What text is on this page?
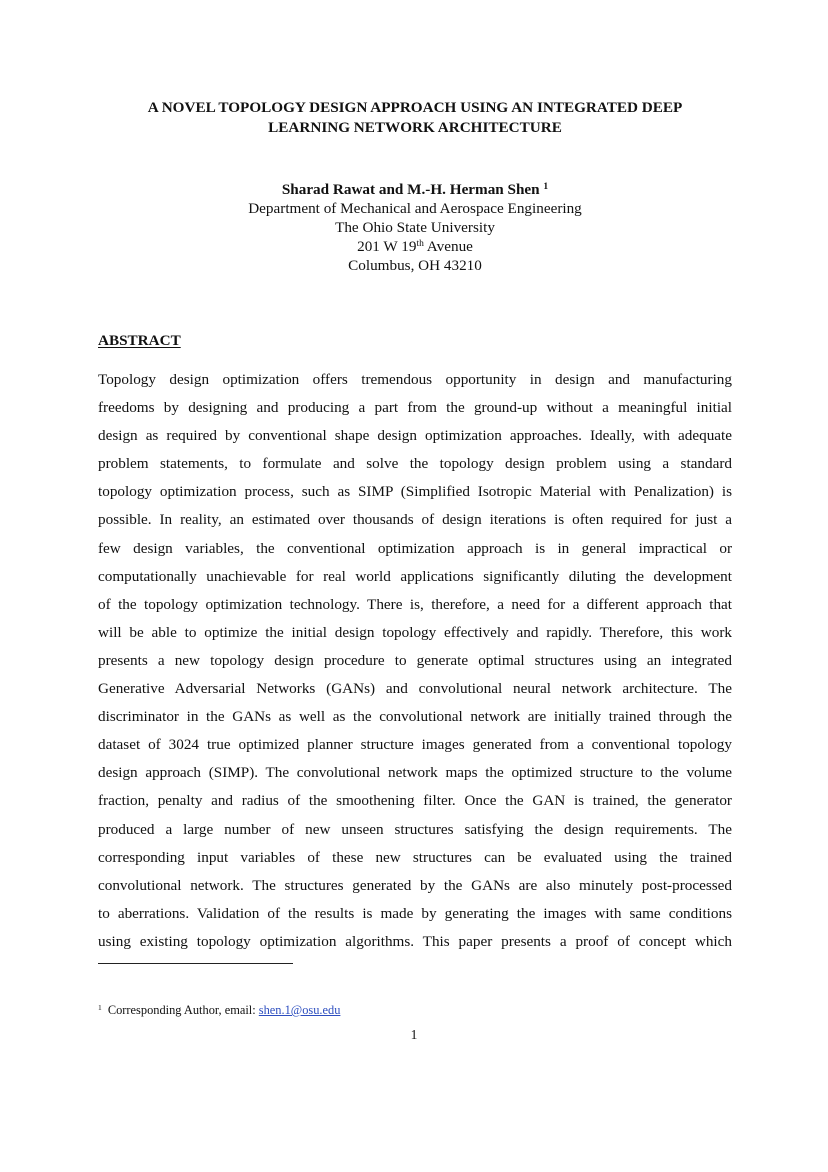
A NOVEL TOPOLOGY DESIGN APPROACH USING AN INTEGRATED DEEP
LEARNING NETWORK ARCHITECTURE
Sharad Rawat and M.-H. Herman Shen $^1$
Department of Mechanical and Aerospace Engineering
The Ohio State University
201 W 19th Avenue
Columbus, OH 43210
ABSTRACT
Topology design optimization offers tremendous opportunity in design and manufacturing
freedoms by designing and producing a part from the ground-up without a meaningful initial
design as required by conventional shape design optimization approaches. Ideally, with adequate
problem statements, to formulate and solve the topology design problem using a standard
topology optimization process, such as SIMP (Simplified Isotropic Material with Penalization) is
possible. In reality, an estimated over thousands of design iterations is often required for just a
few design variables, the conventional optimization approach is in general impractical or
computationally unachievable for real world applications significantly diluting the development
of the topology optimization technology. There is, therefore, a need for a different approach that
will be able to optimize the initial design topology effectively and rapidly. Therefore, this work
presents a new topology design procedure to generate optimal structures using an integrated
Generative Adversarial Networks (GANs) and convolutional neural network architecture. The
discriminator in the GANs as well as the convolutional network are initially trained through the
dataset of 3024 true optimized planner structure images generated from a conventional topology
design approach (SIMP). The convolutional network maps the optimized structure to the volume
fraction, penalty and radius of the smoothening filter. Once the GAN is trained, the generator
produced a large number of new unseen structures satisfying the design requirements. The
corresponding input variables of these new structures can be evaluated using the trained
convolutional network. The structures generated by the GANs are also minutely post-processed
to aberrations. Validation of the results is made by generating the images with same conditions
using existing topology optimization algorithms. This paper presents a proof of concept which
$^1$ Corresponding Author, email: shen.1@osu.edu
1
